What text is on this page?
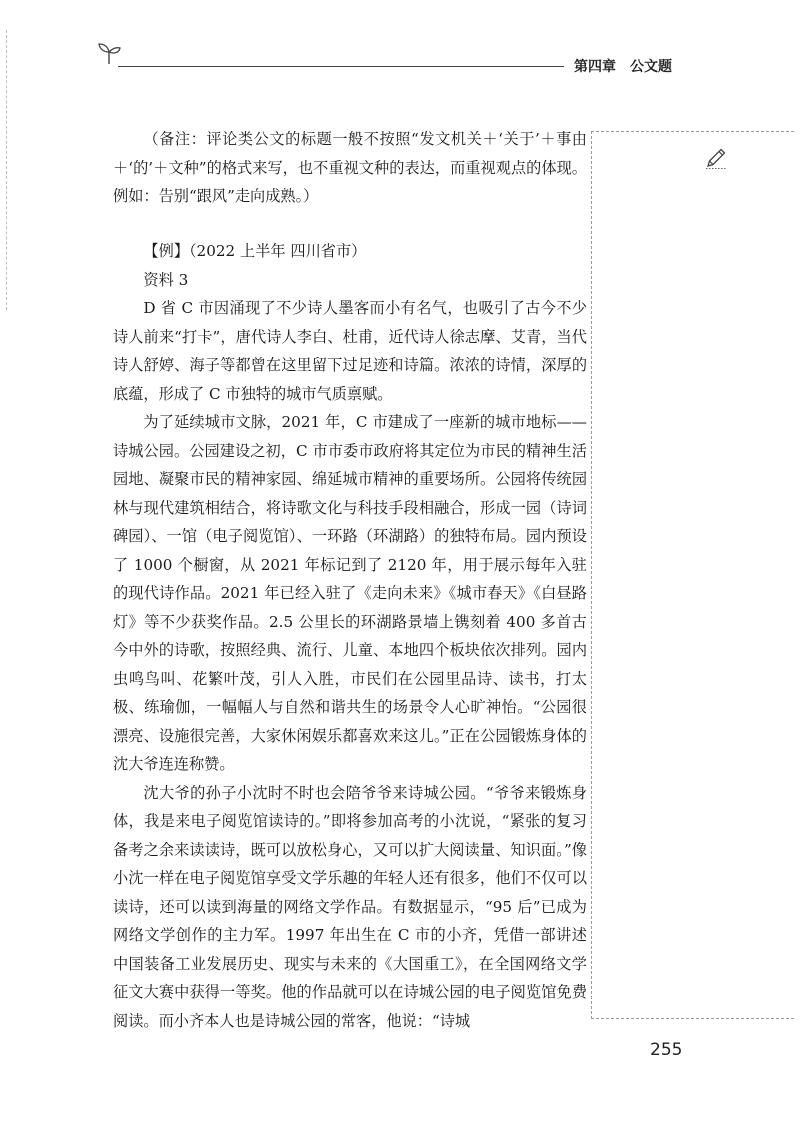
第四章　公文题

（备注：评论类公文的标题一般不按照“发文机关＋‘关于’＋事由＋‘的’＋文种”的格式来写，也不重视文种的表达，而重视观点的体现。例如：告别“跟风”走向成熟。）

【例】（2022 上半年 四川省市）

资料 3

D 省 C 市因涌现了不少诗人墨客而小有名气，也吸引了古今不少诗人前来“打卡”，唐代诗人李白、杜甫，近代诗人徐志摩、艾青，当代诗人舒婷、海子等都曾在这里留下过足迹和诗篇。浓浓的诗情，深厚的底蕴，形成了 C 市独特的城市气质禀赋。

为了延续城市文脉，2021 年，C 市建成了一座新的城市地标——诗城公园。公园建设之初，C 市市委市政府将其定位为市民的精神生活园地、凝聚市民的精神家园、绵延城市精神的重要场所。公园将传统园林与现代建筑相结合，将诗歌文化与科技手段相融合，形成一园（诗词碑园）、一馆（电子阅览馆）、一环路（环湖路）的独特布局。园内预设了 1000 个橱窗，从 2021 年标记到了 2120 年，用于展示每年入驻的现代诗作品。2021 年已经入驻了《走向未来》《城市春天》《白昼路灯》等不少获奖作品。2.5 公里长的环湖路景墙上镌刻着 400 多首古今中外的诗歌，按照经典、流行、儿童、本地四个板块依次排列。园内虫鸣鸟叫、花繁叶茂，引人入胜，市民们在公园里品诗、读书，打太极、练瑜伽，一幅幅人与自然和谐共生的场景令人心旷神怡。“公园很漂亮、设施很完善，大家休闲娱乐都喜欢来这儿。”正在公园锻炼身体的沈大爷连连称赞。

沈大爷的孙子小沈时不时也会陪爷爷来诗城公园。“爷爷来锻炼身体，我是来电子阅览馆读诗的。”即将参加高考的小沈说，“紧张的复习备考之余来读读诗，既可以放松身心，又可以扩大阅读量、知识面。”像小沈一样在电子阅览馆享受文学乐趣的年轻人还有很多，他们不仅可以读诗，还可以读到海量的网络文学作品。有数据显示，“95 后”已成为网络文学创作的主力军。1997 年出生在 C 市的小齐，凭借一部讲述中国装备工业发展历史、现实与未来的《大国重工》，在全国网络文学征文大赛中获得一等奖。他的作品就可以在诗城公园的电子阅览馆免费阅读。而小齐本人也是诗城公园的常客，他说：“诗城

255
